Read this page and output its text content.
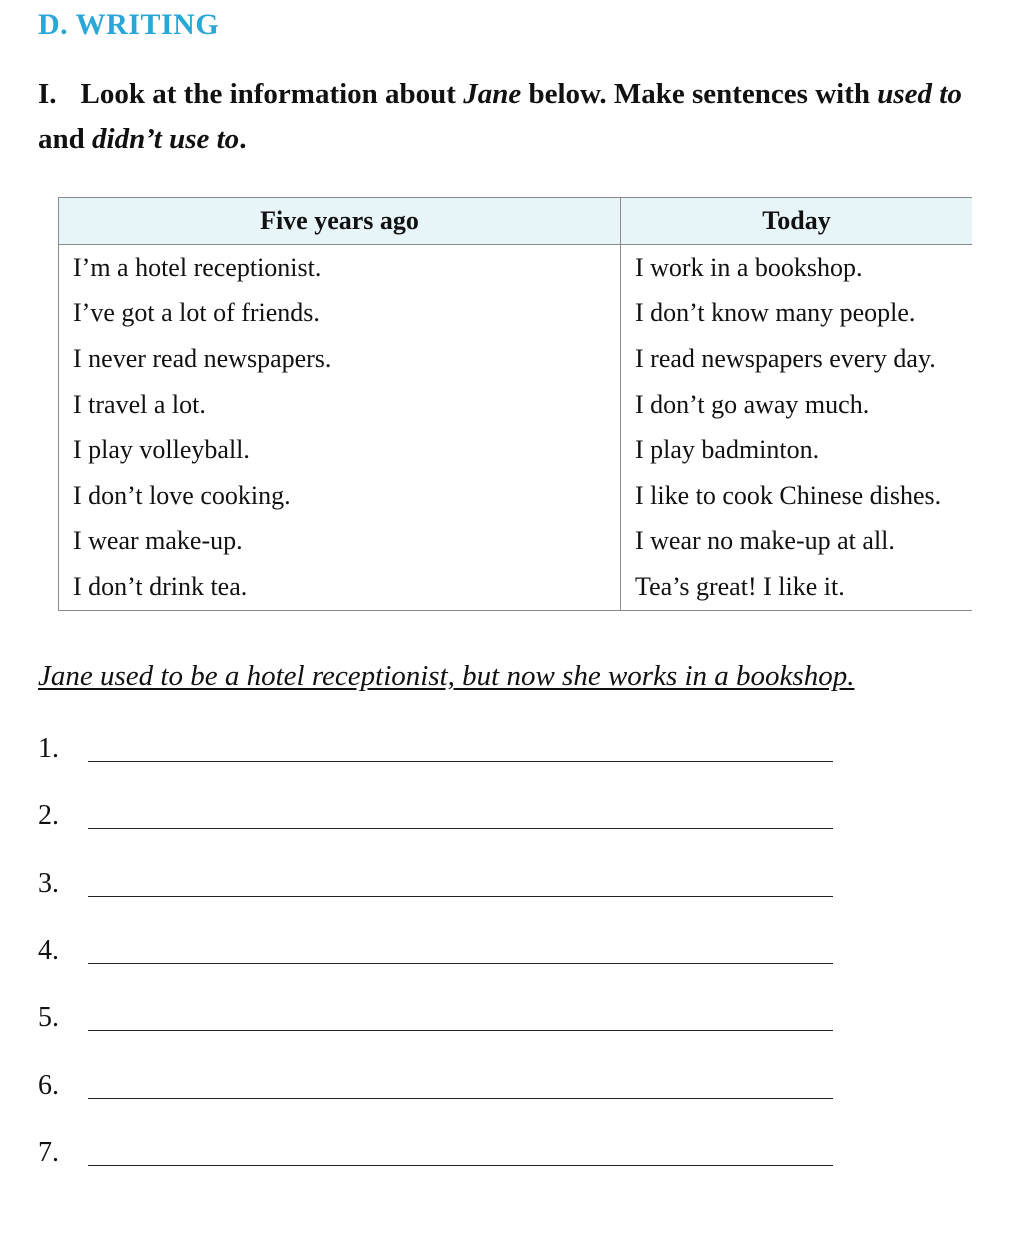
D. WRITING
I. Look at the information about Jane below. Make sentences with used to and didn’t use to.
Five years ago	Today
I’m a hotel receptionist.	I work in a bookshop.
I’ve got a lot of friends.	I don’t know many people.
I never read newspapers.	I read newspapers every day.
I travel a lot.	I don’t go away much.
I play volleyball.	I play badminton.
I don’t love cooking.	I like to cook Chinese dishes.
I wear make-up.	I wear no make-up at all.
I don’t drink tea.	Tea’s great! I like it.
Jane used to be a hotel receptionist, but now she works in a bookshop.
1.
2.
3.
4.
5.
6.
7.
